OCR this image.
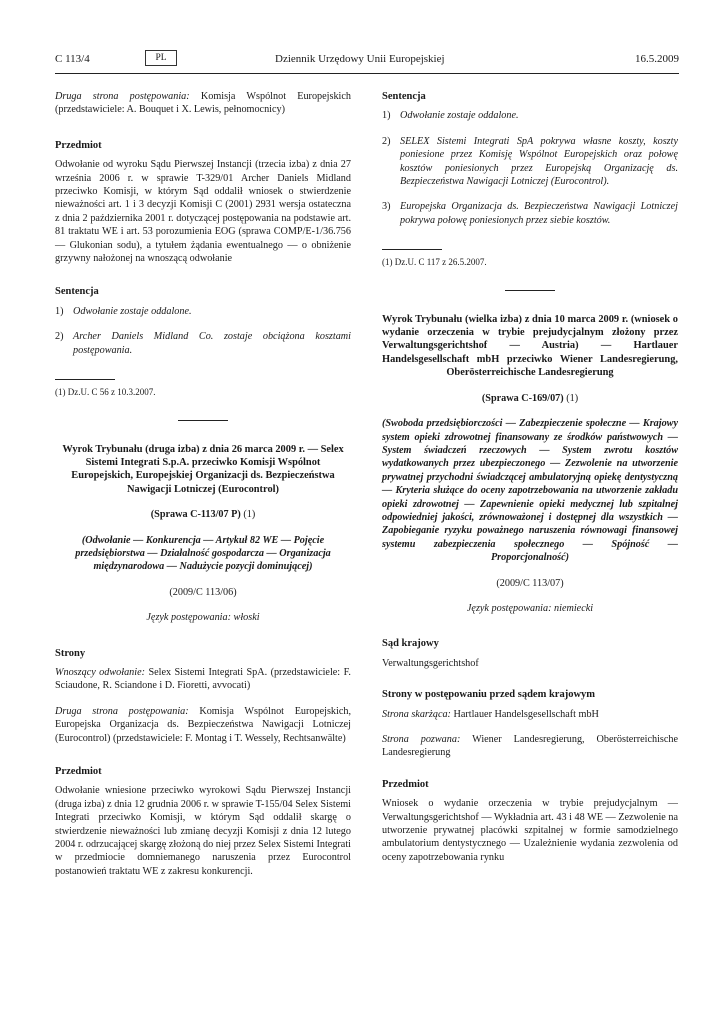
C 113/4	PL	Dziennik Urzędowy Unii Europejskiej	16.5.2009

Druga strona postępowania: Komisja Wspólnot Europejskich (przedstawiciele: A. Bouquet i X. Lewis, pełnomocnicy)

Przedmiot

Odwołanie od wyroku Sądu Pierwszej Instancji (trzecia izba) z dnia 27 września 2006 r. w sprawie T-329/01 Archer Daniels Midland przeciwko Komisji, w którym Sąd oddalił wniosek o stwierdzenie nieważności art. 1 i 3 decyzji Komisji C (2001) 2931 wersja ostateczna z dnia 2 października 2001 r. dotyczącej postępowania na podstawie art. 81 traktatu WE i art. 53 porozumienia EOG (sprawa COMP/E-1/36.756 — Glukonian sodu), a tytułem żądania ewentualnego — o obniżenie grzywny nałożonej na wnoszącą odwołanie

Sentencja
1) Odwołanie zostaje oddalone.
2) Archer Daniels Midland Co. zostaje obciążona kosztami postępowania.
(1) Dz.U. C 56 z 10.3.2007.
Wyrok Trybunału (druga izba) z dnia 26 marca 2009 r. — Selex Sistemi Integrati S.p.A. przeciwko Komisji Wspólnot Europejskich, Europejskiej Organizacji ds. Bezpieczeństwa Nawigacji Lotniczej (Eurocontrol)
(Sprawa C-113/07 P) (1)
(Odwołanie — Konkurencja — Artykuł 82 WE — Pojęcie przedsiębiorstwa — Działalność gospodarcza — Organizacja międzynarodowa — Nadużycie pozycji dominującej)
(2009/C 113/06)
Język postępowania: włoski
Strony

Wnoszący odwołanie: Selex Sistemi Integrati SpA. (przedstawiciele: F. Sciaudone, R. Sciandone i D. Fioretti, avvocati)

Druga strona postępowania: Komisja Wspólnot Europejskich, Europejska Organizacja ds. Bezpieczeństwa Nawigacji Lotniczej (Eurocontrol) (przedstawiciele: F. Montag i T. Wessely, Rechtsanwälte)

Przedmiot

Odwołanie wniesione przeciwko wyrokowi Sądu Pierwszej Instancji (druga izba) z dnia 12 grudnia 2006 r. w sprawie T-155/04 Selex Sistemi Integrati przeciwko Komisji, w którym Sąd oddalił skargę o stwierdzenie nieważności lub zmianę decyzji Komisji z dnia 12 lutego 2004 r. odrzucającej skargę złożoną do niej przez Selex Sistemi Integrati w przedmiocie domniemanego naruszenia przez Eurocontrol postanowień traktatu WE z zakresu konkurencji.

Sentencja
1) Odwołanie zostaje oddalone.
2) SELEX Sistemi Integrati SpA pokrywa własne koszty, koszty poniesione przez Komisję Wspólnot Europejskich oraz połowę kosztów poniesionych przez Europejską Organizację ds. Bezpieczeństwa Nawigacji Lotniczej (Eurocontrol).
3) Europejska Organizacja ds. Bezpieczeństwa Nawigacji Lotniczej pokrywa połowę poniesionych przez siebie kosztów.
(1) Dz.U. C 117 z 26.5.2007.
Wyrok Trybunału (wielka izba) z dnia 10 marca 2009 r. (wniosek o wydanie orzeczenia w trybie prejudycjalnym złożony przez Verwaltungsgerichtshof — Austria) — Hartlauer Handelsgesellschaft mbH przeciwko Wiener Landesregierung, Oberösterreichische Landesregierung
(Sprawa C-169/07) (1)
(Swoboda przedsiębiorczości — Zabezpieczenie społeczne — Krajowy system opieki zdrowotnej finansowany ze środków państwowych — System świadczeń rzeczowych — System zwrotu kosztów wydatkowanych przez ubezpieczonego — Zezwolenie na utworzenie prywatnej przychodni świadczącej ambulatoryjną opiekę dentystyczną — Kryteria służące do oceny zapotrzebowania na utworzenie zakładu opieki zdrowotnej — Zapewnienie opieki medycznej lub szpitalnej odpowiedniej jakości, zrównoważonej i dostępnej dla wszystkich — Zapobieganie ryzyku poważnego naruszenia równowagi finansowej systemu zabezpieczenia społecznego — Spójność — Proporcjonalność)
(2009/C 113/07)
Język postępowania: niemiecki
Sąd krajowy

Verwaltungsgerichtshof

Strony w postępowaniu przed sądem krajowym

Strona skarżąca: Hartlauer Handelsgesellschaft mbH

Strona pozwana: Wiener Landesregierung, Oberösterreichische Landesregierung

Przedmiot

Wniosek o wydanie orzeczenia w trybie prejudycjalnym — Verwaltungsgerichtshof — Wykładnia art. 43 i 48 WE — Zezwolenie na utworzenie prywatnej placówki szpitalnej w formie samodzielnego ambulatorium dentystycznego — Uzależnienie wydania zezwolenia od oceny zapotrzebowania rynku
